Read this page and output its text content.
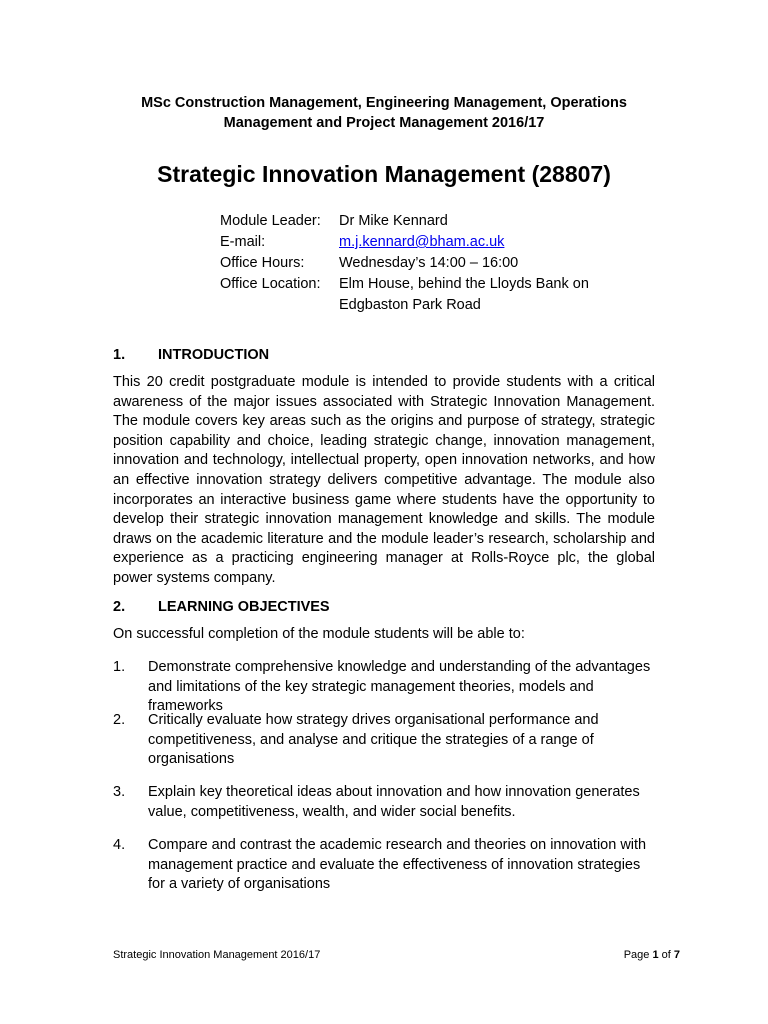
MSc Construction Management, Engineering Management, Operations
Management and Project Management 2016/17
Strategic Innovation Management (28807)
Module Leader:	Dr Mike Kennard
E-mail:	m.j.kennard@bham.ac.uk
Office Hours:	Wednesday’s 14:00 – 16:00
Office Location:	Elm House, behind the Lloyds Bank on
Edgbaston Park Road
1. INTRODUCTION
This 20 credit postgraduate module is intended to provide students with a critical awareness of the major issues associated with Strategic Innovation Management. The module covers key areas such as the origins and purpose of strategy, strategic position capability and choice, leading strategic change, innovation management, innovation and technology, intellectual property, open innovation networks, and how an effective innovation strategy delivers competitive advantage. The module also incorporates an interactive business game where students have the opportunity to develop their strategic innovation management knowledge and skills. The module draws on the academic literature and the module leader’s research, scholarship and experience as a practicing engineering manager at Rolls-Royce plc, the global power systems company.
2. LEARNING OBJECTIVES
On successful completion of the module students will be able to:
1.	Demonstrate comprehensive knowledge and understanding of the advantages and limitations of the key strategic management theories, models and frameworks
2.	Critically evaluate how strategy drives organisational performance and competitiveness, and analyse and critique the strategies of a range of organisations
3.	Explain key theoretical ideas about innovation and how innovation generates value, competitiveness, wealth, and wider social benefits.
4.	Compare and contrast the academic research and theories on innovation with management practice and evaluate the effectiveness of innovation strategies for a variety of organisations
Strategic Innovation Management 2016/17	Page 1 of 7
